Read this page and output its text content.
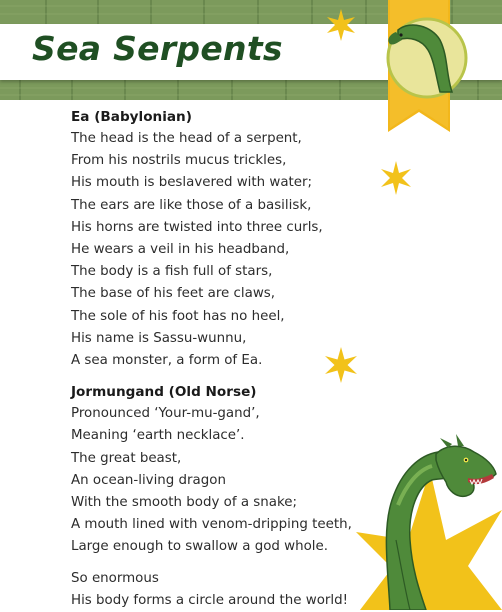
Sea Serpents
Ea (Babylonian)
The head is the head of a serpent,
From his nostrils mucus trickles,
His mouth is beslavered with water;
The ears are like those of a basilisk,
His horns are twisted into three curls,
He wears a veil in his headband,
The body is a fish full of stars,
The base of his feet are claws,
The sole of his foot has no heel,
His name is Sassu-wunnu,
A sea monster, a form of Ea.
Jormungand (Old Norse)
Pronounced ‘Your-mu-gand’,
Meaning ‘earth necklace’.
The great beast,
An ocean-living dragon
With the smooth body of a snake;
A mouth lined with venom-dripping teeth,
Large enough to swallow a god whole.
So enormous
His body forms a circle around the world!
